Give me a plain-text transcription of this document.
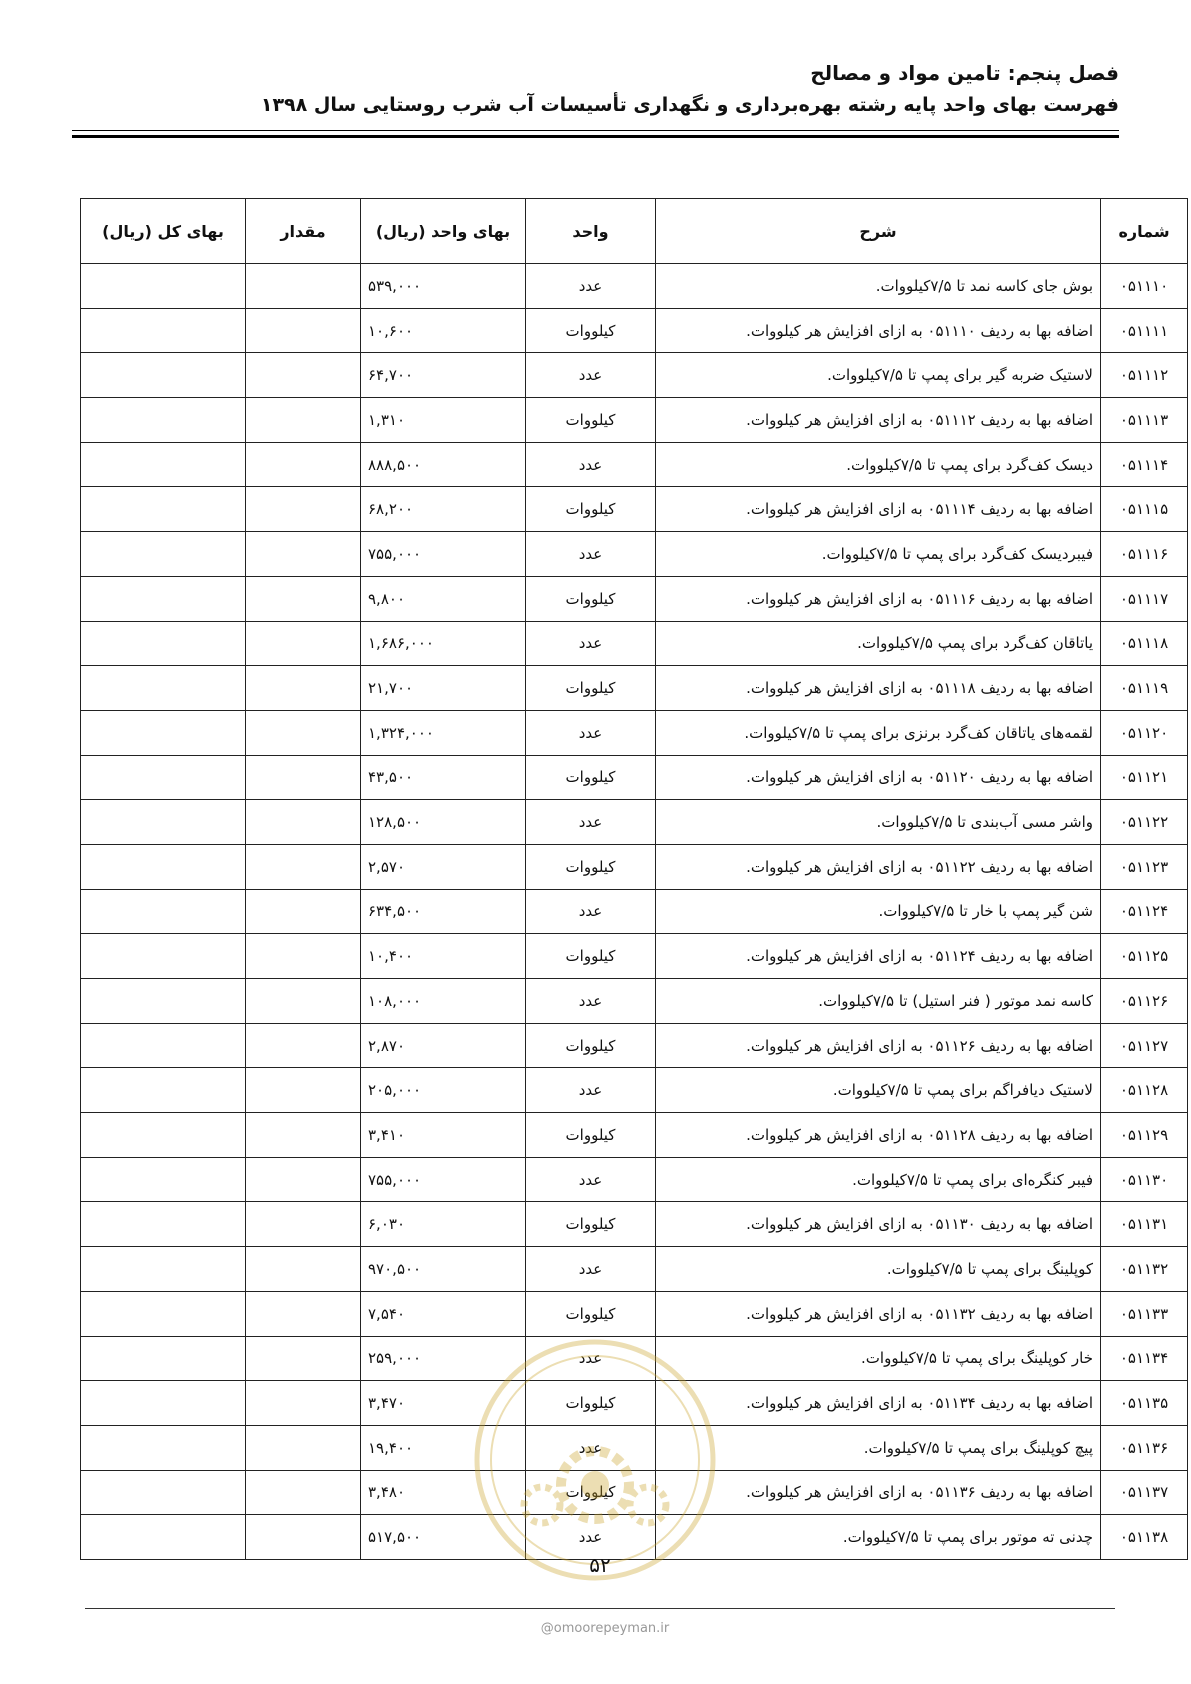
فصل پنجم: تامین مواد و مصالح
فهرست بهای واحد پایه رشته بهره‌برداری و نگهداری تأسیسات آب شرب روستایی سال ۱۳۹۸
شماره	شرح	واحد	بهای واحد (ریال)	مقدار	بهای کل (ریال)
۰۵۱۱۱۰	بوش جای کاسه نمد تا ۷/۵کیلووات.	عدد	۵۳۹,۰۰۰		
۰۵۱۱۱۱	اضافه بها به ردیف ۰۵۱۱۱۰ به ازای افزایش هر کیلووات.	کیلووات	۱۰,۶۰۰		
۰۵۱۱۱۲	لاستیک ضربه گیر برای پمپ تا ۷/۵کیلووات.	عدد	۶۴,۷۰۰		
۰۵۱۱۱۳	اضافه بها به ردیف ۰۵۱۱۱۲ به ازای افزایش هر کیلووات.	کیلووات	۱,۳۱۰		
۰۵۱۱۱۴	دیسک کف‌گرد برای پمپ تا ۷/۵کیلووات.	عدد	۸۸۸,۵۰۰		
۰۵۱۱۱۵	اضافه بها به ردیف ۰۵۱۱۱۴ به ازای افزایش هر کیلووات.	کیلووات	۶۸,۲۰۰		
۰۵۱۱۱۶	فیبردیسک کف‌گرد برای پمپ تا ۷/۵کیلووات.	عدد	۷۵۵,۰۰۰		
۰۵۱۱۱۷	اضافه بها به ردیف ۰۵۱۱۱۶ به ازای افزایش هر کیلووات.	کیلووات	۹,۸۰۰		
۰۵۱۱۱۸	یاتاقان کف‌گرد برای پمپ ۷/۵کیلووات.	عدد	۱,۶۸۶,۰۰۰		
۰۵۱۱۱۹	اضافه بها به ردیف ۰۵۱۱۱۸ به ازای افزایش هر کیلووات.	کیلووات	۲۱,۷۰۰		
۰۵۱۱۲۰	لقمه‌های یاتاقان کف‌گرد برنزی برای پمپ تا ۷/۵کیلووات.	عدد	۱,۳۲۴,۰۰۰		
۰۵۱۱۲۱	اضافه بها به ردیف ۰۵۱۱۲۰ به ازای افزایش هر کیلووات.	کیلووات	۴۳,۵۰۰		
۰۵۱۱۲۲	واشر مسی آب‌بندی تا ۷/۵کیلووات.	عدد	۱۲۸,۵۰۰		
۰۵۱۱۲۳	اضافه بها به ردیف ۰۵۱۱۲۲ به ازای افزایش هر کیلووات.	کیلووات	۲,۵۷۰		
۰۵۱۱۲۴	شن گیر پمپ با خار تا ۷/۵کیلووات.	عدد	۶۳۴,۵۰۰		
۰۵۱۱۲۵	اضافه بها به ردیف ۰۵۱۱۲۴ به ازای افزایش هر کیلووات.	کیلووات	۱۰,۴۰۰		
۰۵۱۱۲۶	کاسه نمد موتور ( فنر استیل) تا ۷/۵کیلووات.	عدد	۱۰۸,۰۰۰		
۰۵۱۱۲۷	اضافه بها به ردیف ۰۵۱۱۲۶ به ازای افزایش هر کیلووات.	کیلووات	۲,۸۷۰		
۰۵۱۱۲۸	لاستیک دیافراگم برای پمپ تا ۷/۵کیلووات.	عدد	۲۰۵,۰۰۰		
۰۵۱۱۲۹	اضافه بها به ردیف ۰۵۱۱۲۸ به ازای افزایش هر کیلووات.	کیلووات	۳,۴۱۰		
۰۵۱۱۳۰	فیبر کنگره‌ای برای پمپ تا ۷/۵کیلووات.	عدد	۷۵۵,۰۰۰		
۰۵۱۱۳۱	اضافه بها به ردیف ۰۵۱۱۳۰ به ازای افزایش هر کیلووات.	کیلووات	۶,۰۳۰		
۰۵۱۱۳۲	کوپلینگ برای پمپ تا ۷/۵کیلووات.	عدد	۹۷۰,۵۰۰		
۰۵۱۱۳۳	اضافه بها به ردیف ۰۵۱۱۳۲ به ازای افزایش هر کیلووات.	کیلووات	۷,۵۴۰		
۰۵۱۱۳۴	خار کوپلینگ برای پمپ تا ۷/۵کیلووات.	عدد	۲۵۹,۰۰۰		
۰۵۱۱۳۵	اضافه بها به ردیف ۰۵۱۱۳۴ به ازای افزایش هر کیلووات.	کیلووات	۳,۴۷۰		
۰۵۱۱۳۶	پیچ کوپلینگ برای پمپ تا ۷/۵کیلووات.	عدد	۱۹,۴۰۰		
۰۵۱۱۳۷	اضافه بها به ردیف ۰۵۱۱۳۶ به ازای افزایش هر کیلووات.	کیلووات	۳,۴۸۰		
۰۵۱۱۳۸	چدنی ته موتور برای پمپ تا ۷/۵کیلووات.	عدد	۵۱۷,۵۰۰		
۵۲
@omoorepeyman.ir
